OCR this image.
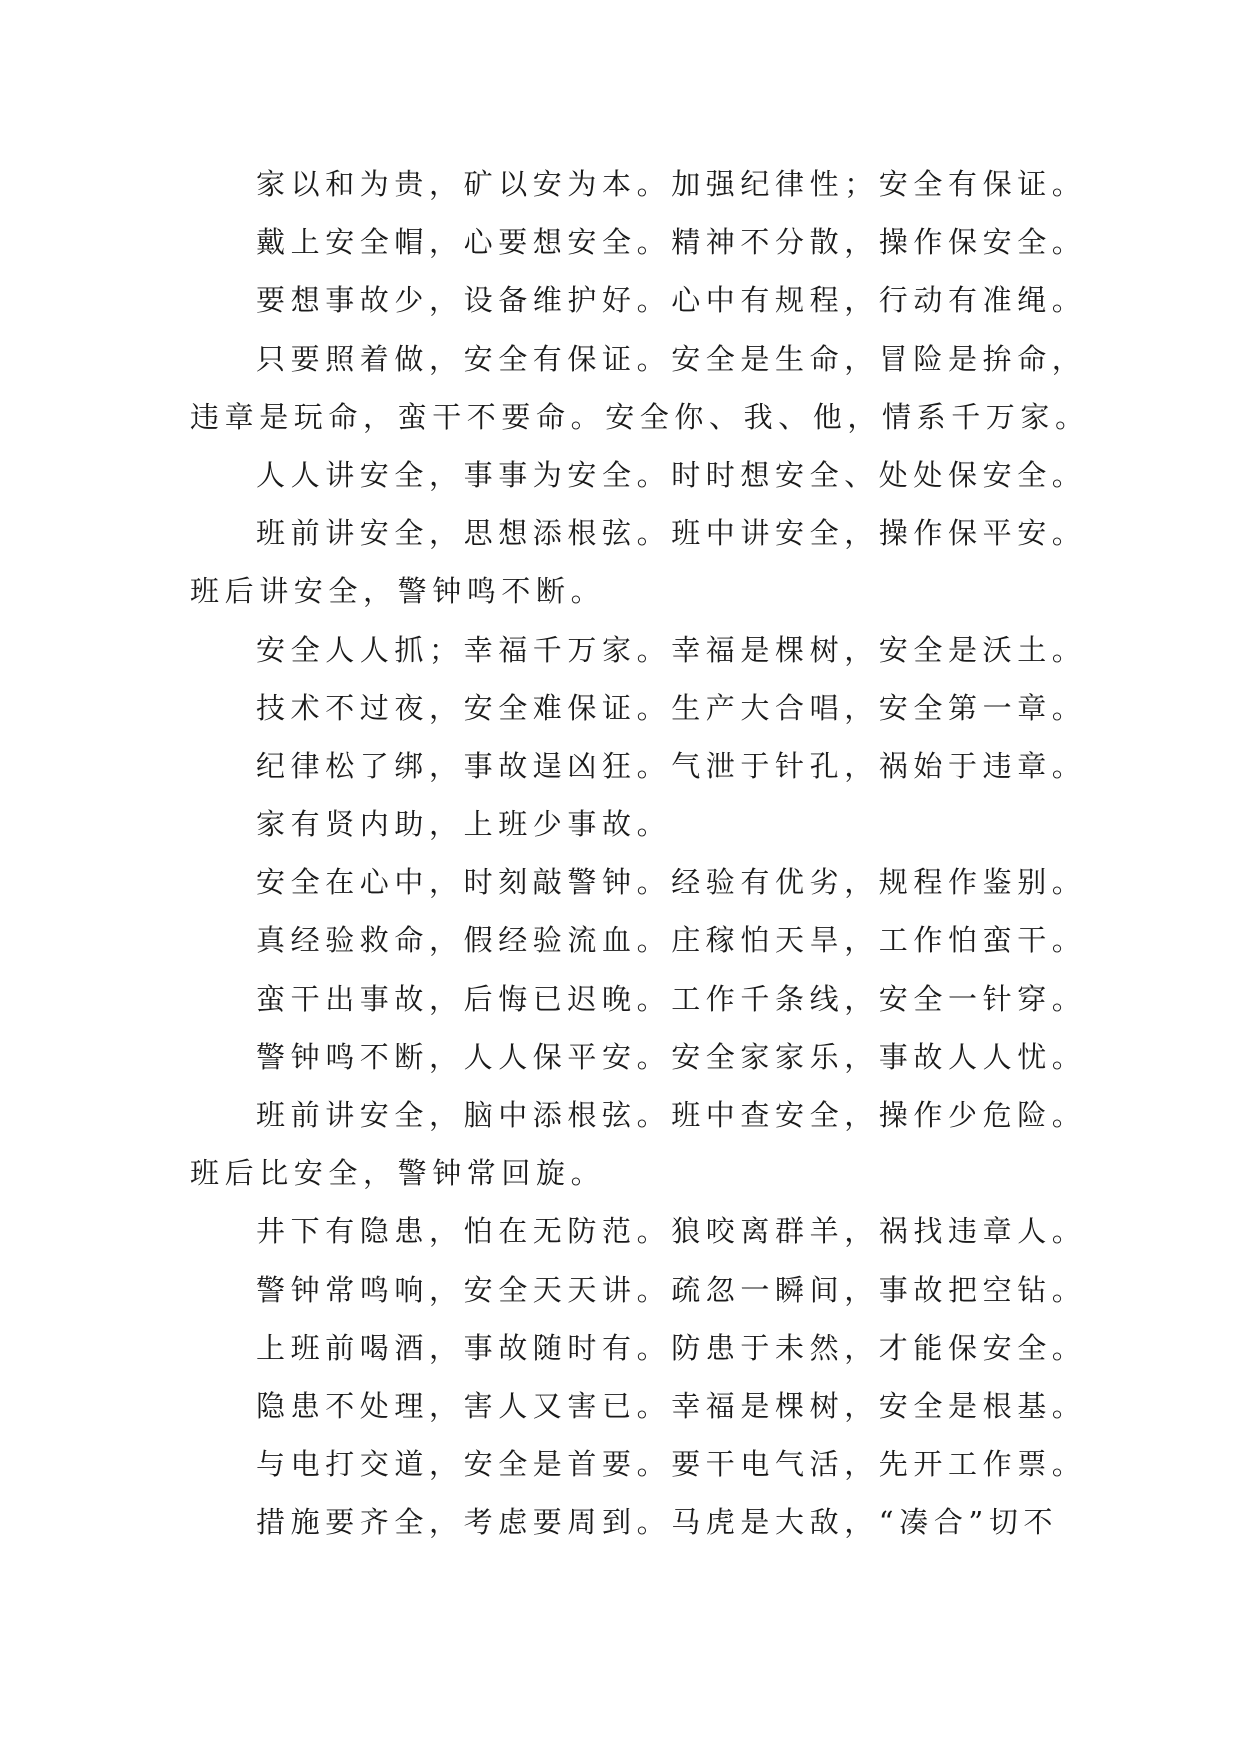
家以和为贵，矿以安为本。加强纪律性；安全有保证。
戴上安全帽，心要想安全。精神不分散，操作保安全。
要想事故少，设备维护好。心中有规程，行动有准绳。
只要照着做，安全有保证。安全是生命，冒险是拚命，
违章是玩命，蛮干不要命。安全你、我、他，情系千万家。
人人讲安全，事事为安全。时时想安全、处处保安全。
班前讲安全，思想添根弦。班中讲安全，操作保平安。
班后讲安全，警钟鸣不断。
安全人人抓；幸福千万家。幸福是棵树，安全是沃土。
技术不过夜，安全难保证。生产大合唱，安全第一章。
纪律松了绑，事故逞凶狂。气泄于针孔，祸始于违章。
家有贤内助，上班少事故。
安全在心中，时刻敲警钟。经验有优劣，规程作鉴别。
真经验救命，假经验流血。庄稼怕天旱，工作怕蛮干。
蛮干出事故，后悔已迟晚。工作千条线，安全一针穿。
警钟鸣不断，人人保平安。安全家家乐，事故人人忧。
班前讲安全，脑中添根弦。班中查安全，操作少危险。
班后比安全，警钟常回旋。
井下有隐患，怕在无防范。狼咬离群羊，祸找违章人。
警钟常鸣响，安全天天讲。疏忽一瞬间，事故把空钻。
上班前喝酒，事故随时有。防患于未然，才能保安全。
隐患不处理，害人又害已。幸福是棵树，安全是根基。
与电打交道，安全是首要。要干电气活，先开工作票。
措施要齐全，考虑要周到。马虎是大敌，“凑合”切不
